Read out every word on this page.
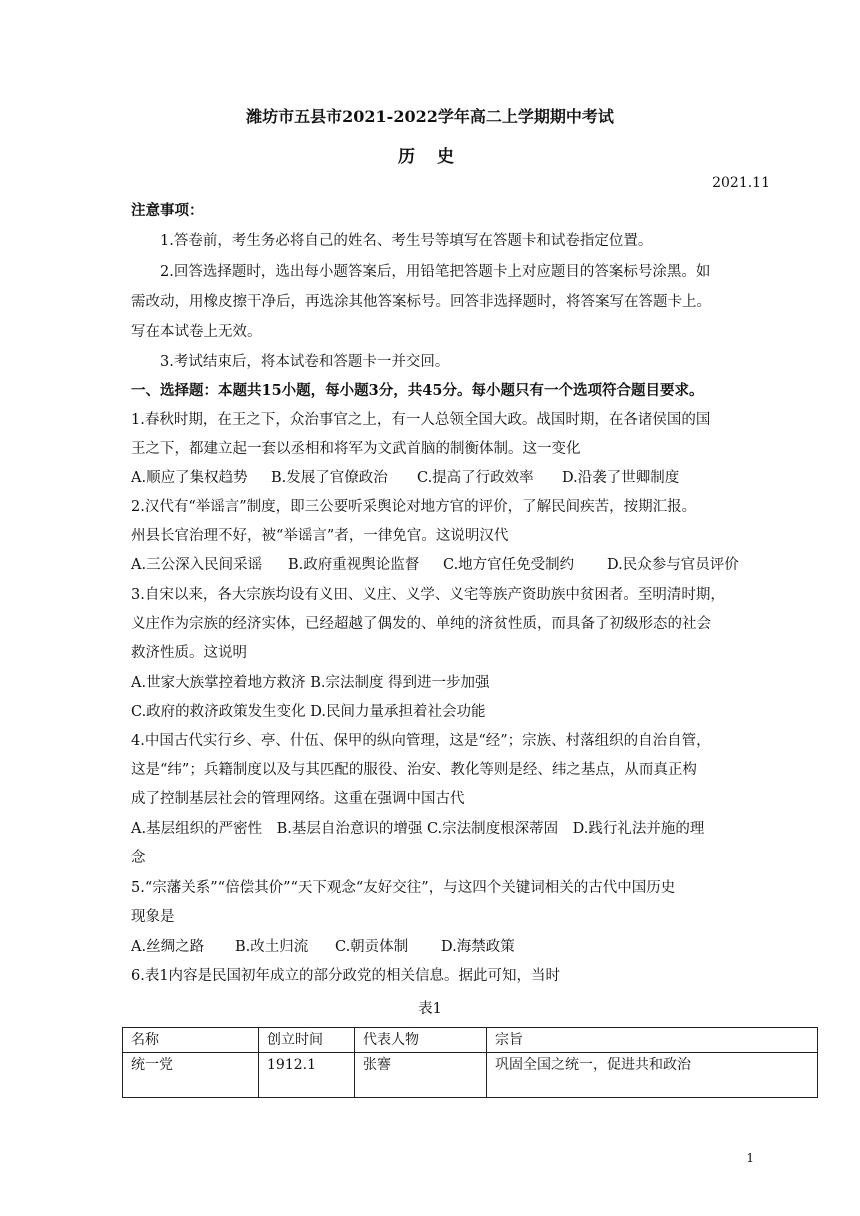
潍坊市五县市2021-2022学年高二上学期期中考试
历 史
2021.11
注意事项：
1.答卷前，考生务必将自己的姓名、考生号等填写在答题卡和试卷指定位置。
2.回答选择题时，选出每小题答案后，用铅笔把答题卡上对应题目的答案标号涂黑。如
需改动，用橡皮擦干净后，再选涂其他答案标号。回答非选择题时，将答案写在答题卡上。
写在本试卷上无效。
3.考试结束后，将本试卷和答题卡一并交回。
一、选择题：本题共15小题，每小题3分，共45分。每小题只有一个选项符合题目要求。
1.春秋时期，在王之下，众治事官之上，有一人总领全国大政。战国时期，在各诸侯国的国
王之下，都建立起一套以丞相和将军为文武首脑的制衡体制。这一变化
A.顺应了集权趋势 B.发展了官僚政治 C.提高了行政效率 D.沿袭了世卿制度
2.汉代有“举谣言”制度，即三公要听采舆论对地方官的评价，了解民间疾苦，按期汇报。
州县长官治理不好，被“举谣言”者，一律免官。这说明汉代
A.三公深入民间采谣 B.政府重视舆论监督 C.地方官任免受制约 D.民众参与官员评价
3.自宋以来，各大宗族均设有义田、义庄、义学、义宅等族产资助族中贫困者。至明清时期，
义庄作为宗族的经济实体，已经超越了偶发的、单纯的济贫性质，而具备了初级形态的社会
救济性质。这说明
A.世家大族掌控着地方救济 B.宗法制度 得到进一步加强
C.政府的救济政策发生变化 D.民间力量承担着社会功能
4.中国古代实行乡、亭、什伍、保甲的纵向管理，这是“经”；宗族、村落组织的自治自管，
这是“纬”；兵籍制度以及与其匹配的服役、治安、教化等则是经、纬之基点，从而真正构
成了控制基层社会的管理网络。这重在强调中国古代
A.基层组织的严密性　B.基层自治意识的增强 C.宗法制度根深蒂固　D.践行礼法并施的理
念
5.“宗藩关系”“倍偿其价”“天下观念“友好交往”，与这四个关键词相关的古代中国历史
现象是
A.丝绸之路 B.改土归流 C.朝贡体制 D.海禁政策
6.表1内容是民国初年成立的部分政党的相关信息。据此可知，当时
表1
名称	创立时间	代表人物	宗旨
统一党	1912.1	张謇	巩固全国之统一，促进共和政治
1
